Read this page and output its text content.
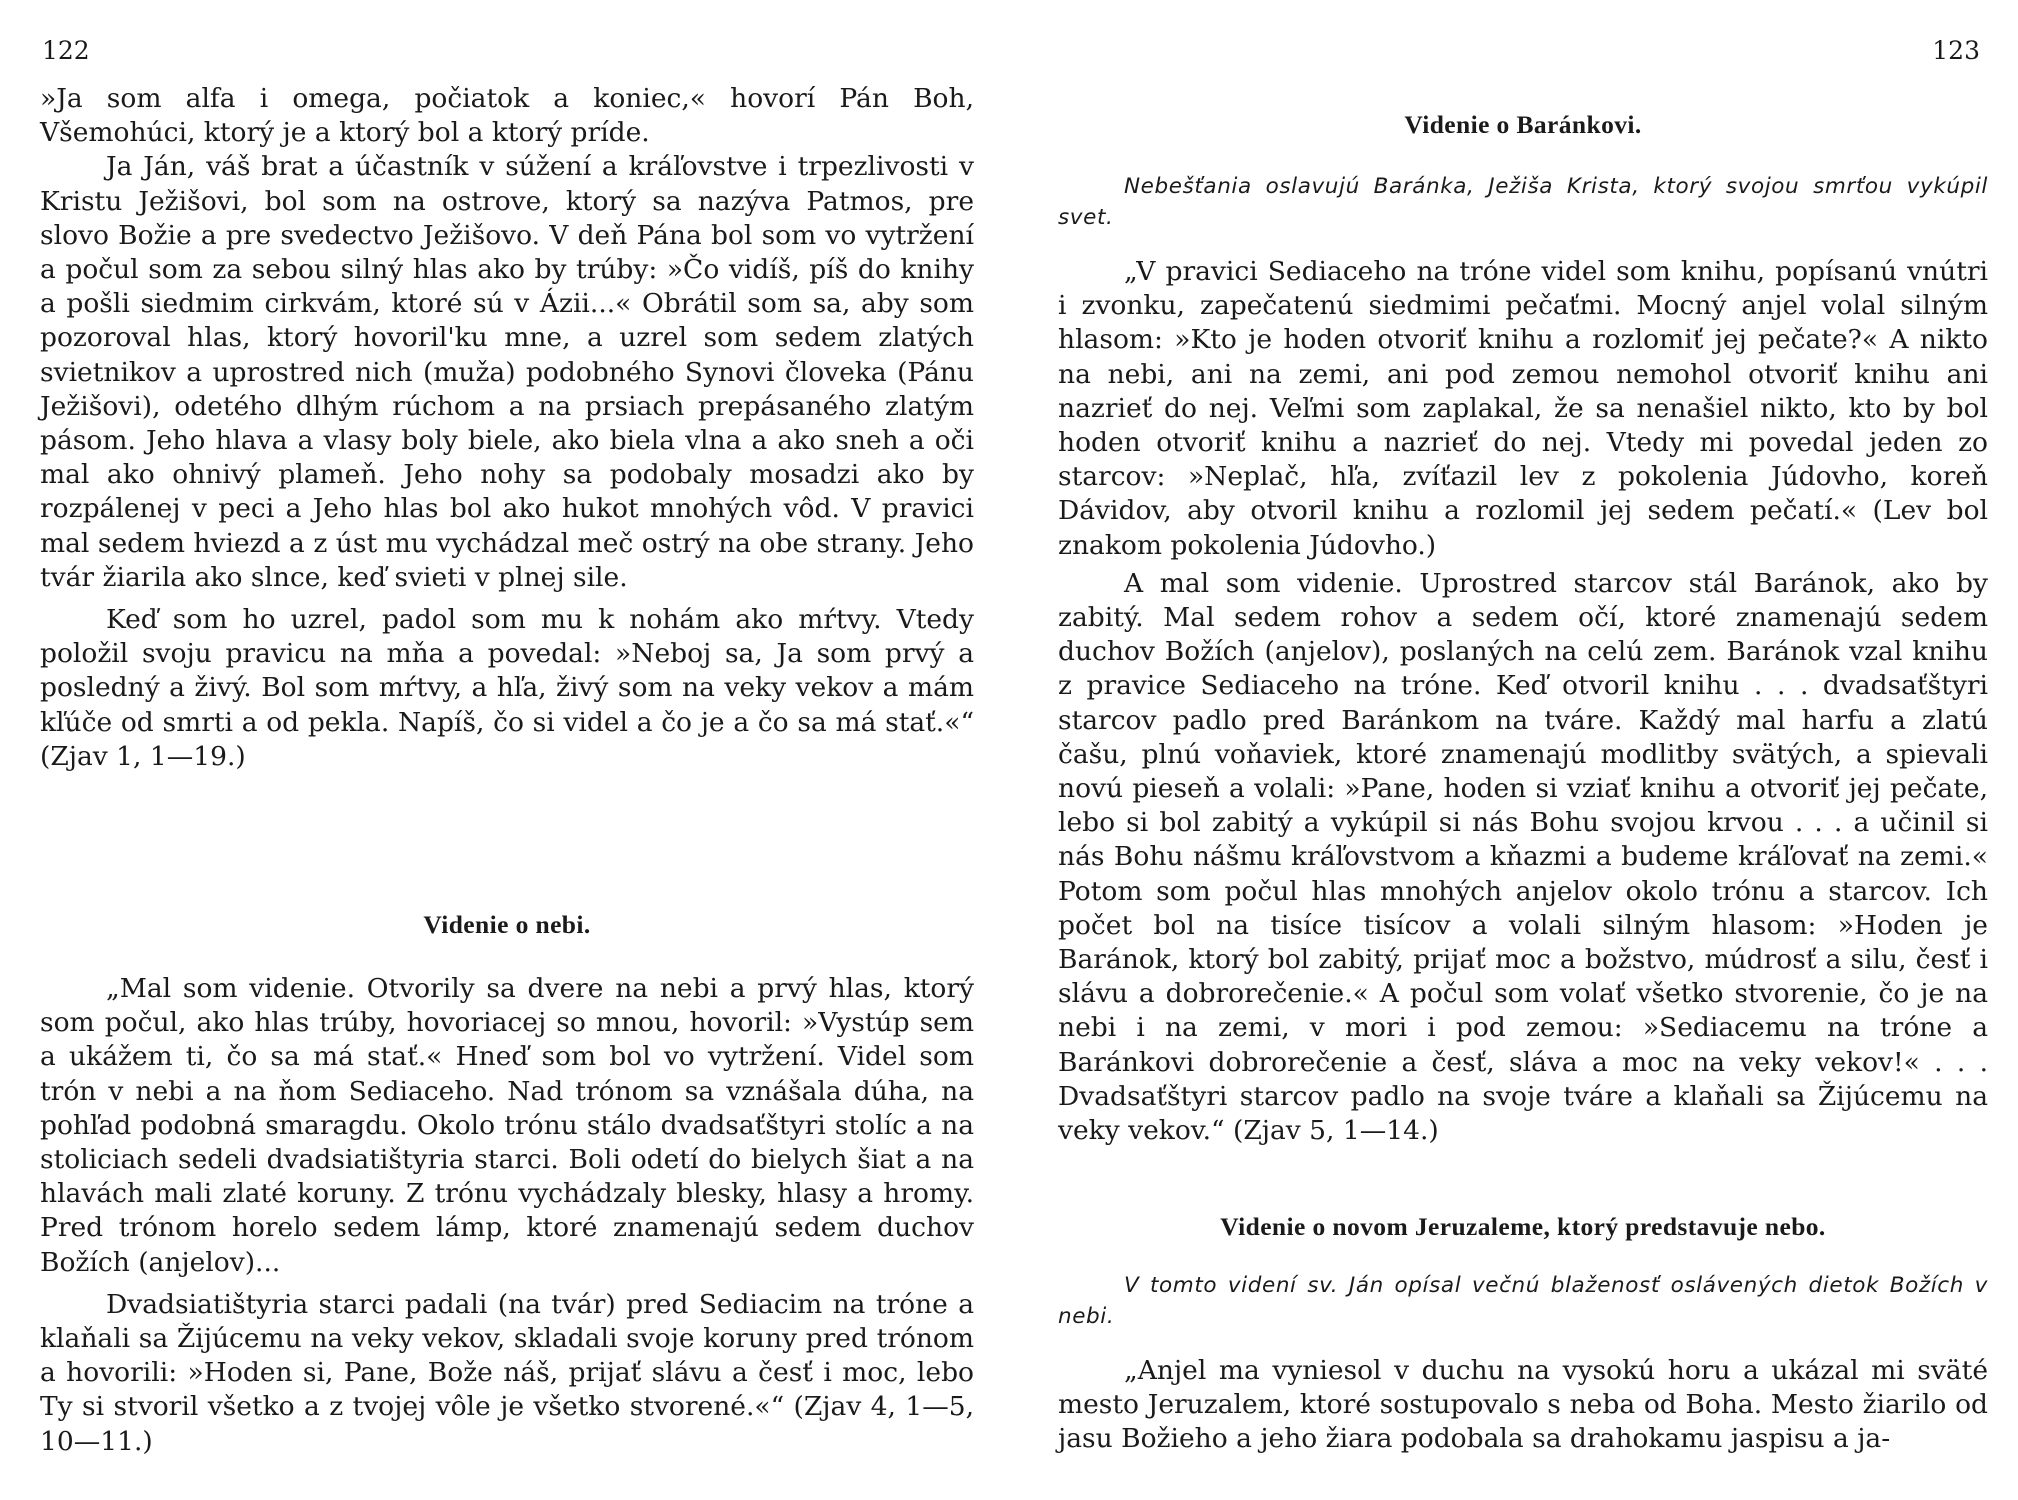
122

»Ja som alfa i omega, počiatok a koniec,« hovorí Pán Boh, Všemohúci, ktorý je a ktorý bol a ktorý príde.

Ja Ján, váš brat a účastník v súžení a kráľovstve i trpezlivosti v Kristu Ježišovi, bol som na ostrove, ktorý sa nazýva Patmos, pre slovo Božie a pre svedectvo Ježišovo. V deň Pána bol som vo vytržení a počul som za sebou silný hlas ako by trúby: »Čo vidíš, píš do knihy a pošli siedmim cirkvám, ktoré sú v Ázii...« Obrátil som sa, aby som pozoroval hlas, ktorý hovoril'ku mne, a uzrel som sedem zlatých svietnikov a uprostred nich (muža) podobného Synovi človeka (Pánu Ježišovi), odetého dlhým rúchom a na prsiach prepásaného zlatým pásom. Jeho hlava a vlasy boly biele, ako biela vlna a ako sneh a oči mal ako ohnivý plameň. Jeho nohy sa podobaly mosadzi ako by rozpálenej v peci a Jeho hlas bol ako hukot mnohých vôd. V pravici mal sedem hviezd a z úst mu vychádzal meč ostrý na obe strany. Jeho tvár žiarila ako slnce, keď svieti v plnej sile.

Keď som ho uzrel, padol som mu k nohám ako mŕtvy. Vtedy položil svoju pravicu na mňa a povedal: »Neboj sa, Ja som prvý a posledný a živý. Bol som mŕtvy, a hľa, živý som na veky vekov a mám kľúče od smrti a od pekla. Napíš, čo si videl a čo je a čo sa má stať.«“ (Zjav 1, 1—19.)

Videnie o nebi.

„Mal som videnie. Otvorily sa dvere na nebi a prvý hlas, ktorý som počul, ako hlas trúby, hovoriacej so mnou, hovoril: »Vystúp sem a ukážem ti, čo sa má stať.« Hneď som bol vo vytržení. Videl som trón v nebi a na ňom Sediaceho. Nad trónom sa vznášala dúha, na pohľad podobná smaragdu. Okolo trónu stálo dvadsaťštyri stolíc a na stoliciach sedeli dvadsiatištyria starci. Boli odetí do bielych šiat a na hlavách mali zlaté koruny. Z trónu vychádzaly blesky, hlasy a hromy. Pred trónom horelo sedem lámp, ktoré znamenajú sedem duchov Božích (anjelov)...

Dvadsiatištyria starci padali (na tvár) pred Sediacim na tróne a klaňali sa Žijúcemu na veky vekov, skladali svoje koruny pred trónom a hovorili: »Hoden si, Pane, Bože náš, prijať slávu a česť i moc, lebo Ty si stvoril všetko a z tvojej vôle je všetko stvorené.«“ (Zjav 4, 1—5, 10—11.)

123
Videnie o Baránkovi.

Nebešťania oslavujú Baránka, Ježiša Krista, ktorý svojou smrťou vykúpil svet.

„V pravici Sediaceho na tróne videl som knihu, popísanú vnútri i zvonku, zapečatenú siedmimi pečaťmi. Mocný anjel volal silným hlasom: »Kto je hoden otvoriť knihu a rozlomiť jej pečate?« A nikto na nebi, ani na zemi, ani pod zemou nemohol otvoriť knihu ani nazrieť do nej. Veľmi som zaplakal, že sa nenašiel nikto, kto by bol hoden otvoriť knihu a nazrieť do nej. Vtedy mi povedal jeden zo starcov: »Neplač, hľa, zvíťazil lev z pokolenia Júdovho, koreň Dávidov, aby otvoril knihu a rozlomil jej sedem pečatí.« (Lev bol znakom pokolenia Júdovho.)

A mal som videnie. Uprostred starcov stál Baránok, ako by zabitý. Mal sedem rohov a sedem očí, ktoré znamenajú sedem duchov Božích (anjelov), poslaných na celú zem. Baránok vzal knihu z pravice Sediaceho na tróne. Keď otvoril knihu . . . dvadsaťštyri starcov padlo pred Baránkom na tváre. Každý mal harfu a zlatú čašu, plnú voňaviek, ktoré znamenajú modlitby svätých, a spievali novú pieseň a volali: »Pane, hoden si vziať knihu a otvoriť jej pečate, lebo si bol zabitý a vykúpil si nás Bohu svojou krvou . . . a učinil si nás Bohu nášmu kráľovstvom a kňazmi a budeme kráľovať na zemi.« Potom som počul hlas mnohých anjelov okolo trónu a starcov. Ich počet bol na tisíce tisícov a volali silným hlasom: »Hoden je Baránok, ktorý bol zabitý, prijať moc a božstvo, múdrosť a silu, česť i slávu a dobrorečenie.« A počul som volať všetko stvorenie, čo je na nebi i na zemi, v mori i pod zemou: »Sediacemu na tróne a Baránkovi dobrorečenie a česť, sláva a moc na veky vekov!« . . . Dvadsaťštyri starcov padlo na svoje tváre a klaňali sa Žijúcemu na veky vekov.“ (Zjav 5, 1—14.)

Videnie o novom Jeruzaleme, ktorý predstavuje nebo.

V tomto videní sv. Ján opísal večnú blaženosť oslávených dietok Božích v nebi.

„Anjel ma vyniesol v duchu na vysokú horu a ukázal mi sväté mesto Jeruzalem, ktoré sostupovalo s neba od Boha. Mesto žiarilo od jasu Božieho a jeho žiara podobala sa drahokamu jaspisu a ja-
